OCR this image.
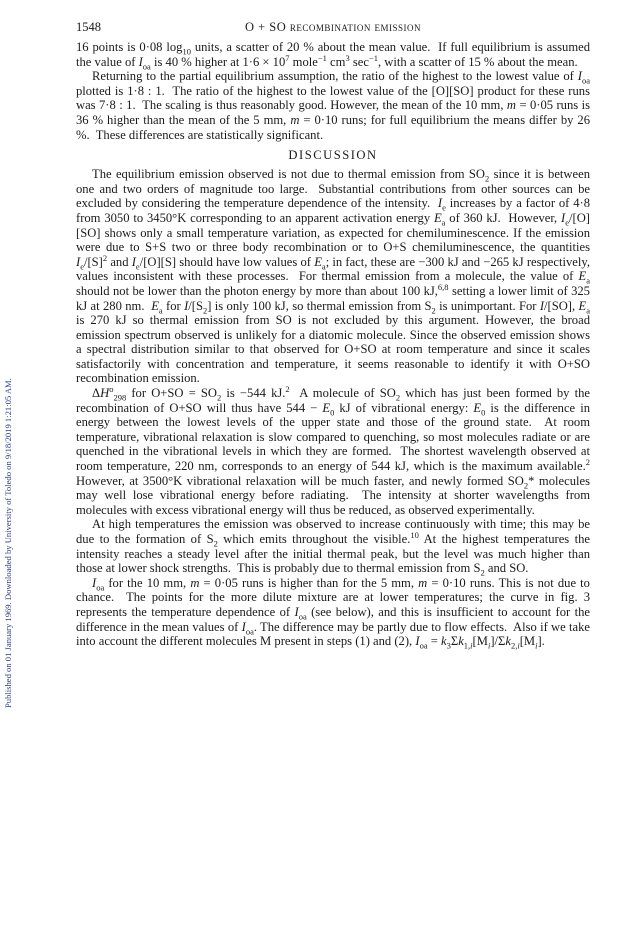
Published on 01 January 1969. Downloaded by University of Toledo on 9/18/2019 1:21:05 AM.
1548	O + SO recombination emission

16 points is 0·08 $\log_{10}$ units, a scatter of 20 % about the mean value.  If full equilibrium is assumed the value of $I_{oa}$ is 40 % higher at $1\cdot 6 \times 10^7$ mole$^{-1}$ $cm^3$ $\sec^{-1}$, with a scatter of 15 % about the mean.

Returning to the partial equilibrium assumption, the ratio of the highest to the lowest value of $I_{oa}$ plotted is 1·8 : 1.  The ratio of the highest to the lowest value of the [O][SO] product for these runs was 7·8 : 1.  The scaling is thus reasonably good. However, the mean of the 10 mm, m = 0·05 runs is 36 % higher than the mean of the 5 mm, m = 0·10 runs; for full equilibrium the means differ by 26 %.  These differences are statistically significant.

DISCUSSION

The equilibrium emission observed is not due to thermal emission from $SO_2$ since it is between one and two orders of magnitude too large.  Substantial contributions from other sources can be excluded by considering the temperature dependence of the intensity.  $I_e$ increases by a factor of 4·8 from 3050 to 3450°K corresponding to an apparent activation energy $E_a$ of 360 kJ.  However, $I_e/[O][SO]$ shows only a small temperature variation, as expected for chemiluminescence. If the emission were due to S+S two or three body recombination or to O+S chemiluminescence, the quantities $I_e/[S]^2$ and $I_e/[O][S]$ should have low values of $E_a$; in fact, these are −300 kJ and −265 kJ respectively, values inconsistent with these processes.  For thermal emission from a molecule, the value of $E_a$ should not be lower than the photon energy by more than about 100 kJ,$^{6,8}$ setting a lower limit of 325 kJ at 280 nm.  $E_a$ for $I/[S_2]$ is only 100 kJ, so thermal emission from $S_2$ is unimportant. For I/[SO], $E_a$ is 270 kJ so thermal emission from SO is not excluded by this argument. However, the broad emission spectrum observed is unlikely for a diatomic molecule. Since the observed emission shows a spectral distribution similar to that observed for O+SO at room temperature and since it scales satisfactorily with concentration and temperature, it seems reasonable to identify it with O+SO recombination emission.

$\Delta H^o_{298}$ for $O+SO = SO_2$ is −544 kJ.$^2$  A molecule of $SO_2$ which has just been formed by the recombination of O+SO will thus have $544 - E_0$ kJ of vibrational energy: $E_0$ is the difference in energy between the lowest levels of the upper state and those of the ground state.  At room temperature, vibrational relaxation is slow compared to quenching, so most molecules radiate or are quenched in the vibrational levels in which they are formed.  The shortest wavelength observed at room temperature, 220 nm, corresponds to an energy of 544 kJ, which is the maximum available.$^2$ However, at 3500°K vibrational relaxation will be much faster, and newly formed $SO_2*$ molecules may well lose vibrational energy before radiating.  The intensity at shorter wavelengths from molecules with excess vibrational energy will thus be reduced, as observed experimentally.

At high temperatures the emission was observed to increase continuously with time; this may be due to the formation of $S_2$ which emits throughout the visible.$^{10}$ At the highest temperatures the intensity reaches a steady level after the initial thermal peak, but the level was much higher than those at lower shock strengths.  This is probably due to thermal emission from $S_2$ and SO.

$I_{oa}$ for the 10 mm, m = 0·05 runs is higher than for the 5 mm, m = 0·10 runs. This is not due to chance.  The points for the more dilute mixture are at lower temperatures; the curve in fig. 3 represents the temperature dependence of $I_{oa}$ (see below), and this is insufficient to account for the difference in the mean values of $I_{oa}$. The difference may be partly due to flow effects.  Also if we take into account the different molecules M present in steps (1) and (2), $I_{oa} = k_3\Sigma k_{1,i}[M_i]/\Sigma k_{2,i}[M_i]$.
